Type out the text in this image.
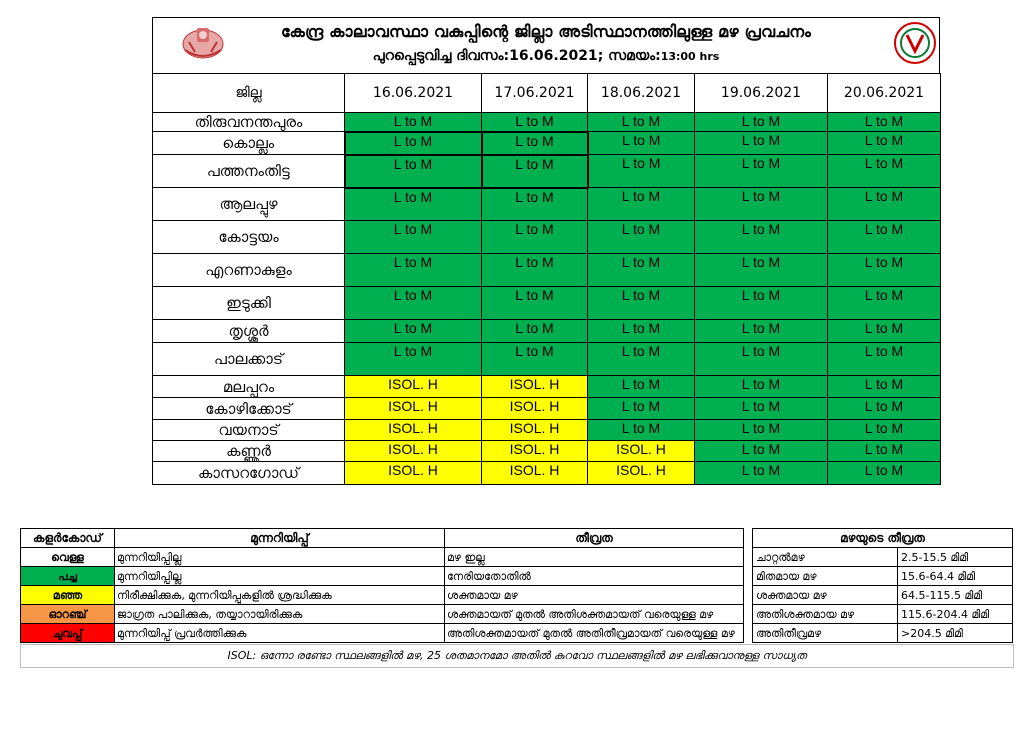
കേന്ദ്ര കാലാവസ്ഥാ വകുപ്പിന്റെ ജില്ലാ അടിസ്ഥാനത്തിലുള്ള മഴ പ്രവചനം
പുറപ്പെടുവിച്ച ദിവസം:16.06.2021; സമയം:13:00 hrs
ജില്ല	16.06.2021	17.06.2021	18.06.2021	19.06.2021	20.06.2021
തിരുവനന്തപുരം	L to M	L to M	L to M	L to M	L to M
കൊല്ലം	L to M	L to M	L to M	L to M	L to M
പത്തനംതിട്ട	L to M	L to M	L to M	L to M	L to M
ആലപ്പുഴ	L to M	L to M	L to M	L to M	L to M
കോട്ടയം	L to M	L to M	L to M	L to M	L to M
എറണാകുളം	L to M	L to M	L to M	L to M	L to M
ഇടുക്കി	L to M	L to M	L to M	L to M	L to M
തൃശ്ശൂർ	L to M	L to M	L to M	L to M	L to M
പാലക്കാട്	L to M	L to M	L to M	L to M	L to M
മലപ്പുറം	ISOL. H	ISOL. H	L to M	L to M	L to M
കോഴിക്കോട്	ISOL. H	ISOL. H	L to M	L to M	L to M
വയനാട്	ISOL. H	ISOL. H	L to M	L to M	L to M
കണ്ണൂർ	ISOL. H	ISOL. H	ISOL. H	L to M	L to M
കാസറഗോഡ്	ISOL. H	ISOL. H	ISOL. H	L to M	L to M
കളർകോഡ്	മുന്നറിയിപ്പ്	തീവ്രത
വെള്ള	മുന്നറിയിപ്പില്ല	മഴ ഇല്ല
പച്ച	മുന്നറിയിപ്പില്ല	നേരിയതോതിൽ
മഞ്ഞ	നിരീക്ഷിക്കുക, മുന്നറിയിപ്പുകളിൽ ശ്രദ്ധിക്കുക	ശക്തമായ മഴ
ഓറഞ്ച്	ജാഗ്രത പാലിക്കുക, തയ്യാറായിരിക്കുക	ശക്തമായത് മുതൽ അതിശക്തമായത് വരെയുള്ള മഴ
ചുവപ്പ്	മുന്നറിയിപ്പ് പ്രവർത്തിക്കുക	അതിശക്തമായത് മുതൽ അതിതീവ്രമായത് വരെയുള്ള മഴ
മഴയുടെ തീവ്രത	
ചാറ്റൽമഴ	2.5-15.5 മിമി
മിതമായ മഴ	15.6-64.4 മിമി
ശക്തമായ മഴ	64.5-115.5 മിമി
അതിശക്തമായ മഴ	115.6-204.4 മിമി
അതിതീവ്രമഴ	>204.5 മിമി
ISOL: ഒന്നോ രണ്ടോ സ്ഥലങ്ങളിൽ മഴ, 25 ശതമാനമോ അതിൽ കുറവോ സ്ഥലങ്ങളിൽ മഴ ലഭിക്കുവാനുള്ള സാധ്യത
